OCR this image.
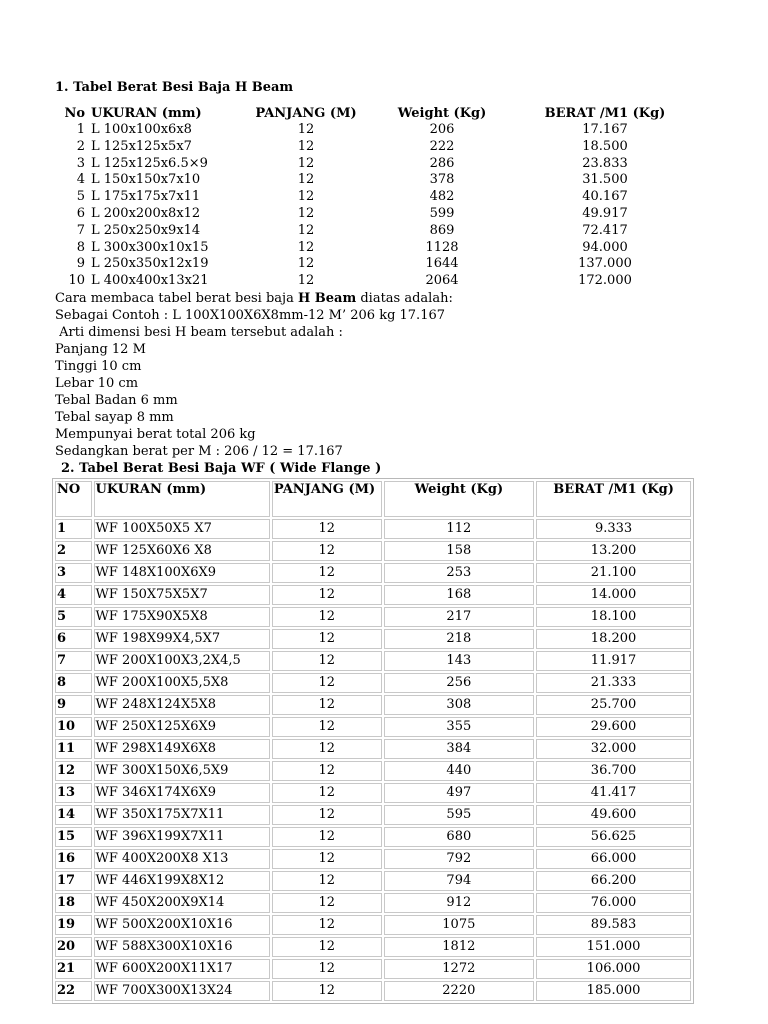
1. Tabel Berat Besi Baja H Beam
No	UKURAN (mm)	PANJANG (M)	Weight (Kg)	BERAT /M1 (Kg)
1	L 100x100x6x8	12	206	17.167
2	L 125x125x5x7	12	222	18.500
3	L 125x125x6.5×9	12	286	23.833
4	L 150x150x7x10	12	378	31.500
5	L 175x175x7x11	12	482	40.167
6	L 200x200x8x12	12	599	49.917
7	L 250x250x9x14	12	869	72.417
8	L 300x300x10x15	12	1128	94.000
9	L 250x350x12x19	12	1644	137.000
10	L 400x400x13x21	12	2064	172.000

Cara membaca tabel berat besi baja H Beam diatas adalah:

Sebagai Contoh : L 100X100X6X8mm-12 M’ 206 kg 17.167

Arti dimensi besi H beam tersebut adalah :

Panjang 12 M

Tinggi 10 cm

Lebar 10 cm

Tebal Badan 6 mm

Tebal sayap 8 mm

Mempunyai berat total 206 kg

Sedangkan berat per M : 206 / 12 = 17.167

2. Tabel Berat Besi Baja WF ( Wide Flange )
NO	UKURAN (mm)	PANJANG (M)	Weight (Kg)	BERAT /M1 (Kg)
1	WF 100X50X5 X7	12	112	9.333
2	WF 125X60X6 X8	12	158	13.200
3	WF 148X100X6X9	12	253	21.100
4	WF 150X75X5X7	12	168	14.000
5	WF 175X90X5X8	12	217	18.100
6	WF 198X99X4,5X7	12	218	18.200
7	WF 200X100X3,2X4,5	12	143	11.917
8	WF 200X100X5,5X8	12	256	21.333
9	WF 248X124X5X8	12	308	25.700
10	WF 250X125X6X9	12	355	29.600
11	WF 298X149X6X8	12	384	32.000
12	WF 300X150X6,5X9	12	440	36.700
13	WF 346X174X6X9	12	497	41.417
14	WF 350X175X7X11	12	595	49.600
15	WF 396X199X7X11	12	680	56.625
16	WF 400X200X8 X13	12	792	66.000
17	WF 446X199X8X12	12	794	66.200
18	WF 450X200X9X14	12	912	76.000
19	WF 500X200X10X16	12	1075	89.583
20	WF 588X300X10X16	12	1812	151.000
21	WF 600X200X11X17	12	1272	106.000
22	WF 700X300X13X24	12	2220	185.000
